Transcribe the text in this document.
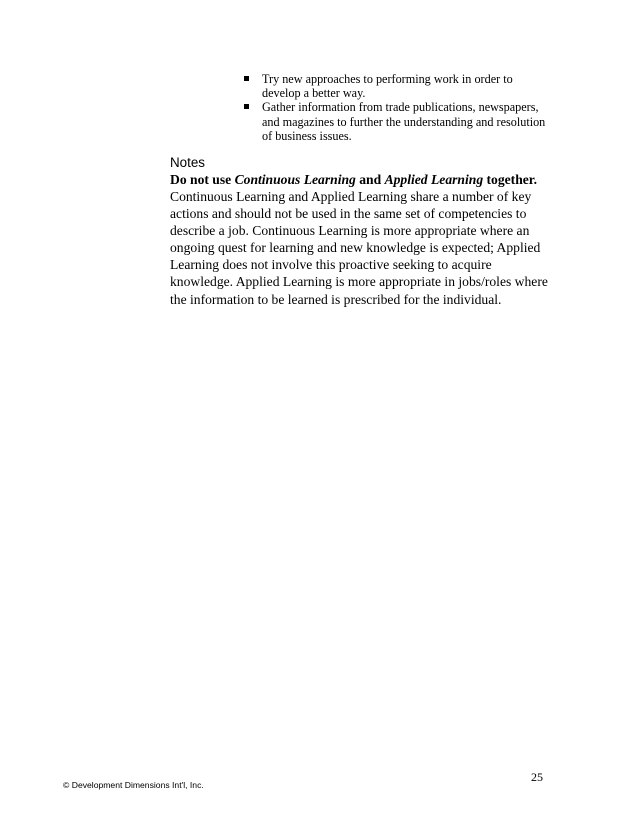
Try new approaches to performing work in order to develop a better way.
Gather information from trade publications, newspapers, and magazines to further the understanding and resolution of business issues.

Notes

Do not use Continuous Learning and Applied Learning together.

Continuous Learning and Applied Learning share a number of key actions and should not be used in the same set of competencies to describe a job. Continuous Learning is more appropriate where an ongoing quest for learning and new knowledge is expected; Applied Learning does not involve this proactive seeking to acquire knowledge. Applied Learning is more appropriate in jobs/roles where the information to be learned is prescribed for the individual.

© Development Dimensions Int'l, Inc.
25
